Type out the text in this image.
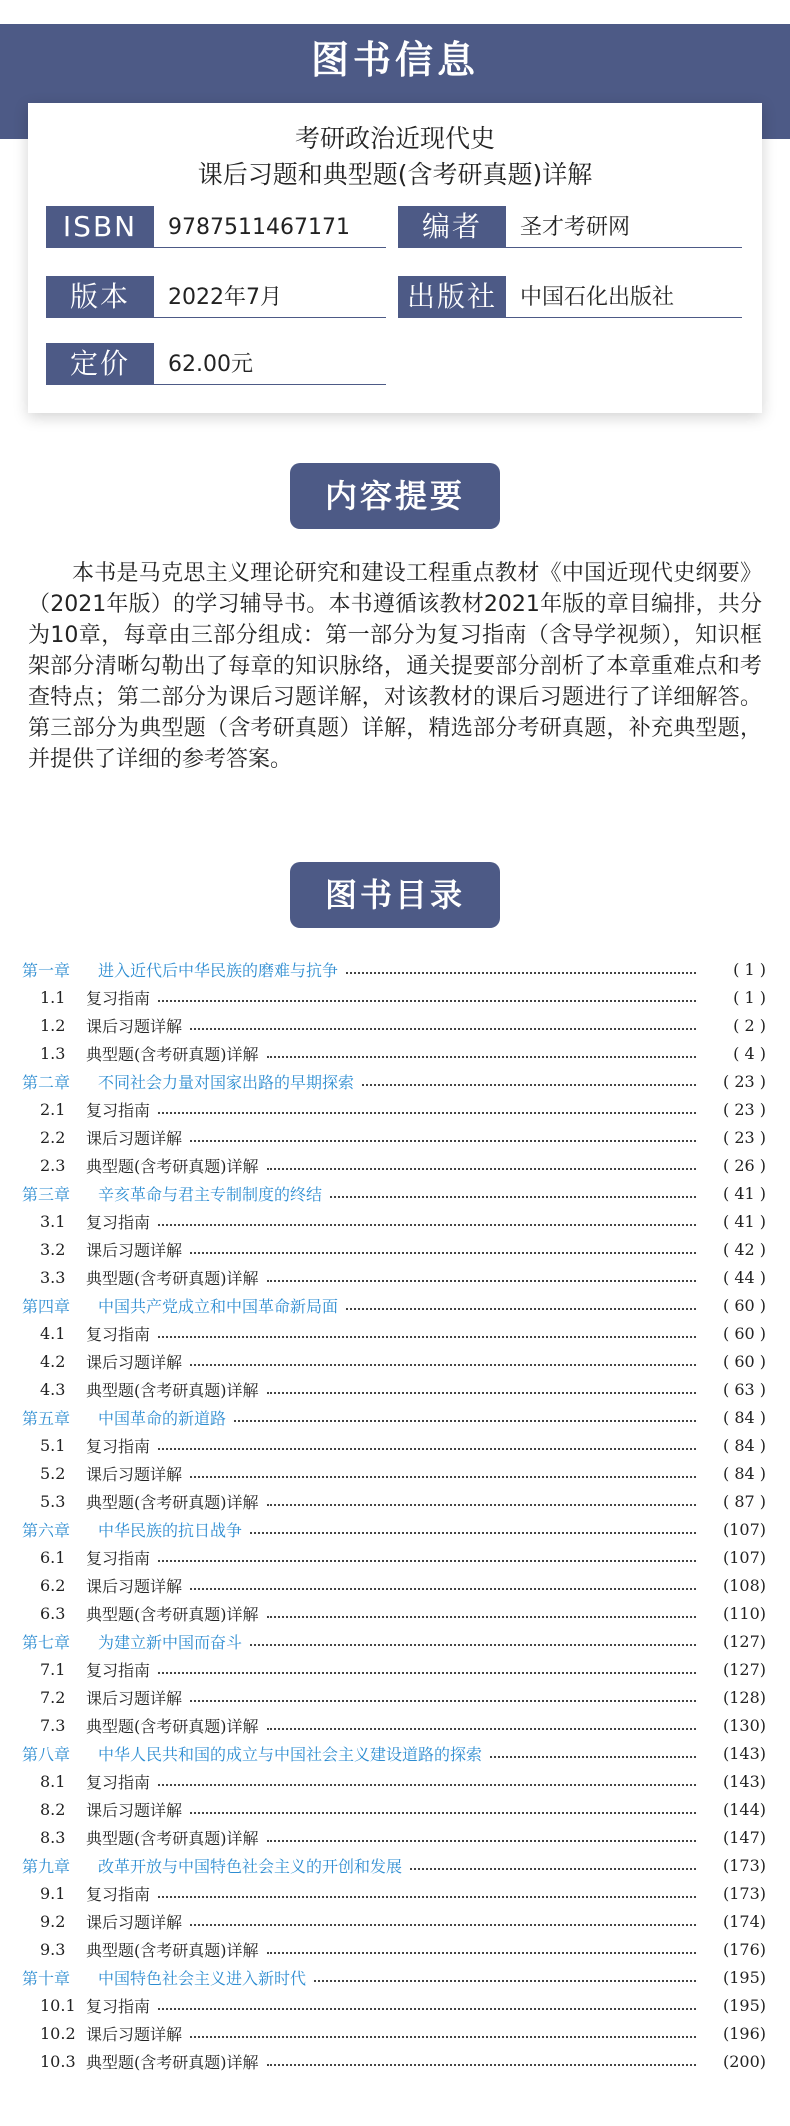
图书信息
考研政治近现代史
课后习题和典型题(含考研真题)详解
ISBN	9787511467171	编者	圣才考研网
版本	2022年7月	出版社	中国石化出版社
定价	62.00元
内容提要

本书是马克思主义理论研究和建设工程重点教材《中国近现代史纲要》（2021年版）的学习辅导书。本书遵循该教材2021年版的章目编排，共分为10章，每章由三部分组成：第一部分为复习指南（含导学视频），知识框架部分清晰勾勒出了每章的知识脉络，通关提要部分剖析了本章重难点和考查特点；第二部分为课后习题详解，对该教材的课后习题进行了详细解答。第三部分为典型题（含考研真题）详解，精选部分考研真题，补充典型题，并提供了详细的参考答案。

图书目录
第一章	进入近代后中华民族的磨难与抗争	( 1 )
1.1	复习指南	( 1 )
1.2	课后习题详解	( 2 )
1.3	典型题(含考研真题)详解	( 4 )
第二章	不同社会力量对国家出路的早期探索	( 23 )
2.1	复习指南	( 23 )
2.2	课后习题详解	( 23 )
2.3	典型题(含考研真题)详解	( 26 )
第三章	辛亥革命与君主专制制度的终结	( 41 )
3.1	复习指南	( 41 )
3.2	课后习题详解	( 42 )
3.3	典型题(含考研真题)详解	( 44 )
第四章	中国共产党成立和中国革命新局面	( 60 )
4.1	复习指南	( 60 )
4.2	课后习题详解	( 60 )
4.3	典型题(含考研真题)详解	( 63 )
第五章	中国革命的新道路	( 84 )
5.1	复习指南	( 84 )
5.2	课后习题详解	( 84 )
5.3	典型题(含考研真题)详解	( 87 )
第六章	中华民族的抗日战争	(107)
6.1	复习指南	(107)
6.2	课后习题详解	(108)
6.3	典型题(含考研真题)详解	(110)
第七章	为建立新中国而奋斗	(127)
7.1	复习指南	(127)
7.2	课后习题详解	(128)
7.3	典型题(含考研真题)详解	(130)
第八章	中华人民共和国的成立与中国社会主义建设道路的探索	(143)
8.1	复习指南	(143)
8.2	课后习题详解	(144)
8.3	典型题(含考研真题)详解	(147)
第九章	改革开放与中国特色社会主义的开创和发展	(173)
9.1	复习指南	(173)
9.2	课后习题详解	(174)
9.3	典型题(含考研真题)详解	(176)
第十章	中国特色社会主义进入新时代	(195)
10.1 复习指南	(195)
10.2 课后习题详解	(196)
10.3 典型题(含考研真题)详解	(200)
